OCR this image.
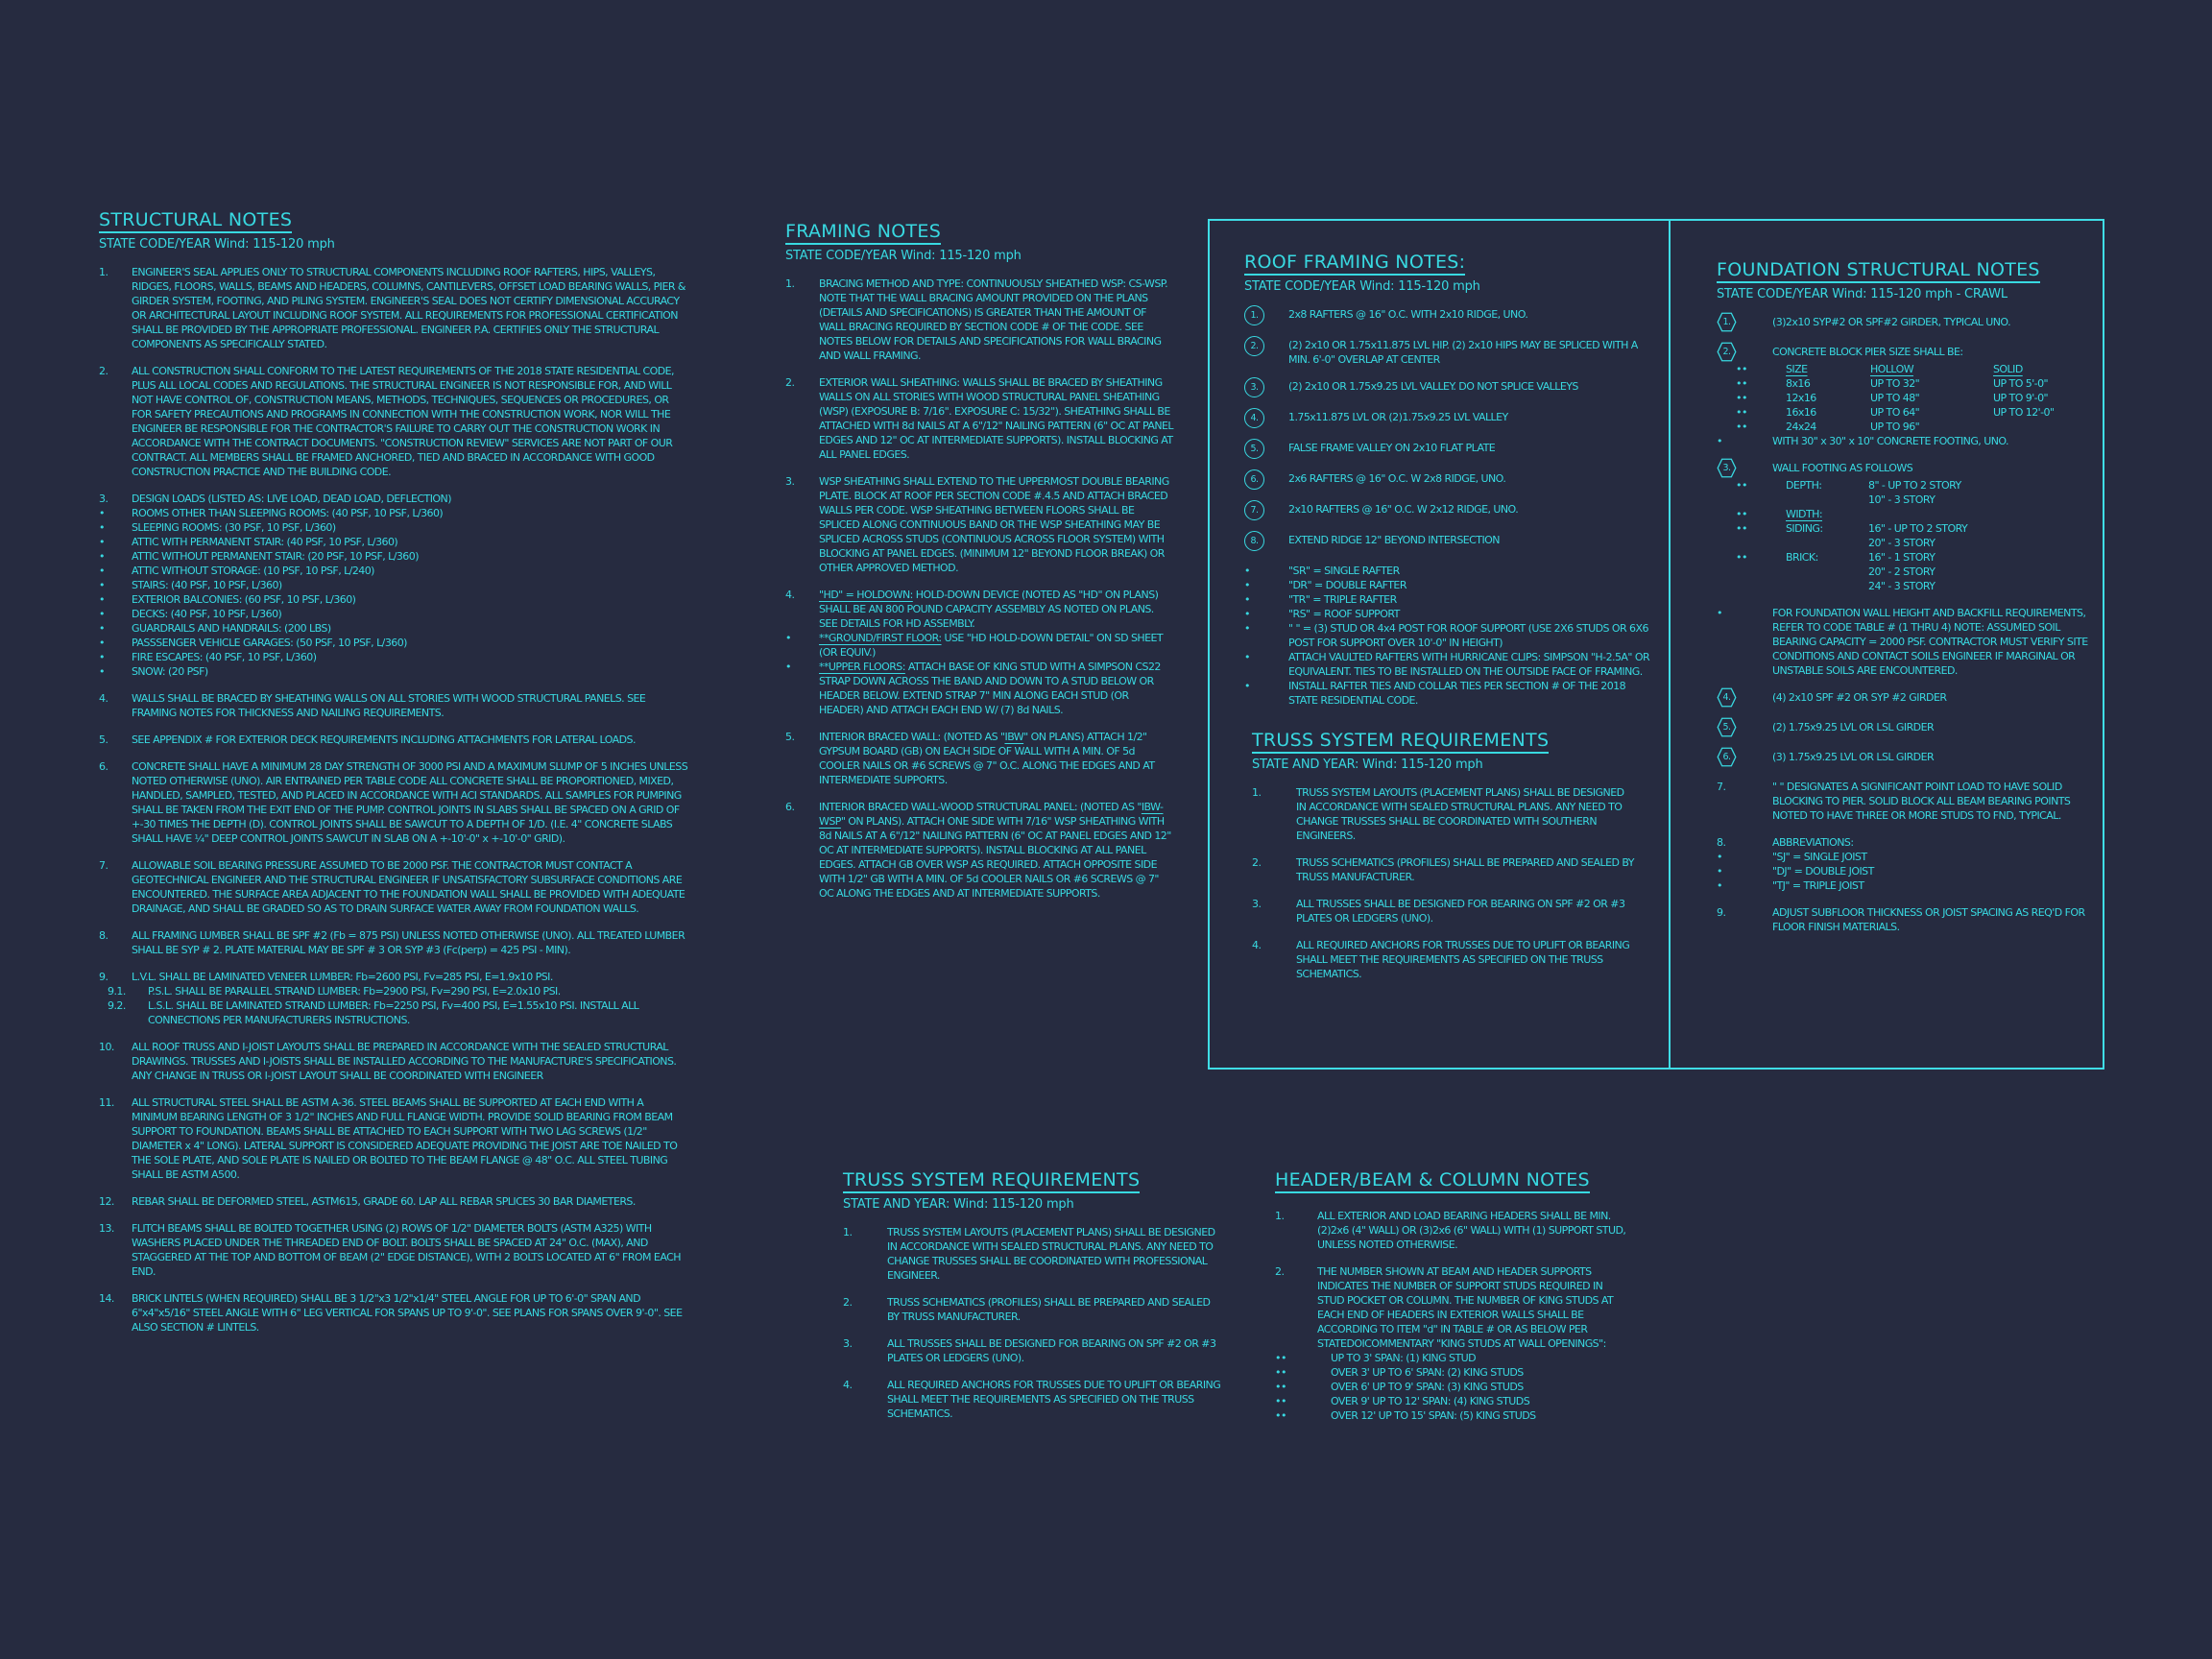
STRUCTURAL NOTES
STATE CODE/YEAR Wind: 115-120 mph
1.	ENGINEER'S SEAL APPLIES ONLY TO STRUCTURAL COMPONENTS INCLUDING ROOF RAFTERS, HIPS, VALLEYS, RIDGES, FLOORS, WALLS, BEAMS AND HEADERS, COLUMNS, CANTILEVERS, OFFSET LOAD BEARING WALLS, PIER & GIRDER SYSTEM, FOOTING, AND PILING SYSTEM. ENGINEER'S SEAL DOES NOT CERTIFY DIMENSIONAL ACCURACY OR ARCHITECTURAL LAYOUT INCLUDING ROOF SYSTEM. ALL REQUIREMENTS FOR PROFESSIONAL CERTIFICATION SHALL BE PROVIDED BY THE APPROPRIATE PROFESSIONAL. ENGINEER P.A. CERTIFIES ONLY THE STRUCTURAL COMPONENTS AS SPECIFICALLY STATED.
2.	ALL CONSTRUCTION SHALL CONFORM TO THE LATEST REQUIREMENTS OF THE 2018 STATE RESIDENTIAL CODE, PLUS ALL LOCAL CODES AND REGULATIONS. THE STRUCTURAL ENGINEER IS NOT RESPONSIBLE FOR, AND WILL NOT HAVE CONTROL OF, CONSTRUCTION MEANS, METHODS, TECHNIQUES, SEQUENCES OR PROCEDURES, OR FOR SAFETY PRECAUTIONS AND PROGRAMS IN CONNECTION WITH THE CONSTRUCTION WORK, NOR WILL THE ENGINEER BE RESPONSIBLE FOR THE CONTRACTOR'S FAILURE TO CARRY OUT THE CONSTRUCTION WORK IN ACCORDANCE WITH THE CONTRACT DOCUMENTS. "CONSTRUCTION REVIEW" SERVICES ARE NOT PART OF OUR CONTRACT. ALL MEMBERS SHALL BE FRAMED ANCHORED, TIED AND BRACED IN ACCORDANCE WITH GOOD CONSTRUCTION PRACTICE AND THE BUILDING CODE.
3.	DESIGN LOADS (LISTED AS: LIVE LOAD, DEAD LOAD, DEFLECTION)
•	ROOMS OTHER THAN SLEEPING ROOMS: (40 PSF, 10 PSF, L/360)
•	SLEEPING ROOMS: (30 PSF, 10 PSF, L/360)
•	ATTIC WITH PERMANENT STAIR: (40 PSF, 10 PSF, L/360)
•	ATTIC WITHOUT PERMANENT STAIR: (20 PSF, 10 PSF, L/360)
•	ATTIC WITHOUT STORAGE: (10 PSF, 10 PSF, L/240)
•	STAIRS: (40 PSF, 10 PSF, L/360)
•	EXTERIOR BALCONIES: (60 PSF, 10 PSF, L/360)
•	DECKS: (40 PSF, 10 PSF, L/360)
•	GUARDRAILS AND HANDRAILS: (200 LBS)
•	PASSSENGER VEHICLE GARAGES: (50 PSF, 10 PSF, L/360)
•	FIRE ESCAPES: (40 PSF, 10 PSF, L/360)
•	SNOW: (20 PSF)
4.	WALLS SHALL BE BRACED BY SHEATHING WALLS ON ALL STORIES WITH WOOD STRUCTURAL PANELS. SEE FRAMING NOTES FOR THICKNESS AND NAILING REQUIREMENTS.
5.	SEE APPENDIX # FOR EXTERIOR DECK REQUIREMENTS INCLUDING ATTACHMENTS FOR LATERAL LOADS.
6.	CONCRETE SHALL HAVE A MINIMUM 28 DAY STRENGTH OF 3000 PSI AND A MAXIMUM SLUMP OF 5 INCHES UNLESS NOTED OTHERWISE (UNO). AIR ENTRAINED PER TABLE CODE ALL CONCRETE SHALL BE PROPORTIONED, MIXED, HANDLED, SAMPLED, TESTED, AND PLACED IN ACCORDANCE WITH ACI STANDARDS. ALL SAMPLES FOR PUMPING SHALL BE TAKEN FROM THE EXIT END OF THE PUMP. CONTROL JOINTS IN SLABS SHALL BE SPACED ON A GRID OF +-30 TIMES THE DEPTH (D). CONTROL JOINTS SHALL BE SAWCUT TO A DEPTH OF 1/D. (I.E. 4" CONCRETE SLABS SHALL HAVE ¼" DEEP CONTROL JOINTS SAWCUT IN SLAB ON A +-10'-0" x +-10'-0" GRID).
7.	ALLOWABLE SOIL BEARING PRESSURE ASSUMED TO BE 2000 PSF. THE CONTRACTOR MUST CONTACT A GEOTECHNICAL ENGINEER AND THE STRUCTURAL ENGINEER IF UNSATISFACTORY SUBSURFACE CONDITIONS ARE ENCOUNTERED. THE SURFACE AREA ADJACENT TO THE FOUNDATION WALL SHALL BE PROVIDED WITH ADEQUATE DRAINAGE, AND SHALL BE GRADED SO AS TO DRAIN SURFACE WATER AWAY FROM FOUNDATION WALLS.
8.	ALL FRAMING LUMBER SHALL BE SPF #2 (Fb = 875 PSI) UNLESS NOTED OTHERWISE (UNO). ALL TREATED LUMBER SHALL BE SYP # 2. PLATE MATERIAL MAY BE SPF # 3 OR SYP #3 (Fc(perp) = 425 PSI - MIN).
9.	L.V.L. SHALL BE LAMINATED VENEER LUMBER: Fb=2600 PSI, Fv=285 PSI, E=1.9x10 PSI.
9.1.	P.S.L. SHALL BE PARALLEL STRAND LUMBER: Fb=2900 PSI, Fv=290 PSI, E=2.0x10 PSI.
9.2.	L.S.L. SHALL BE LAMINATED STRAND LUMBER: Fb=2250 PSI, Fv=400 PSI, E=1.55x10 PSI. INSTALL ALL CONNECTIONS PER MANUFACTURERS INSTRUCTIONS.
10.	ALL ROOF TRUSS AND I-JOIST LAYOUTS SHALL BE PREPARED IN ACCORDANCE WITH THE SEALED STRUCTURAL DRAWINGS. TRUSSES AND I-JOISTS SHALL BE INSTALLED ACCORDING TO THE MANUFACTURE'S SPECIFICATIONS. ANY CHANGE IN TRUSS OR I-JOIST LAYOUT SHALL BE COORDINATED WITH ENGINEER
11.	ALL STRUCTURAL STEEL SHALL BE ASTM A-36. STEEL BEAMS SHALL BE SUPPORTED AT EACH END WITH A MINIMUM BEARING LENGTH OF 3 1/2" INCHES AND FULL FLANGE WIDTH. PROVIDE SOLID BEARING FROM BEAM SUPPORT TO FOUNDATION. BEAMS SHALL BE ATTACHED TO EACH SUPPORT WITH TWO LAG SCREWS (1/2" DIAMETER x 4" LONG). LATERAL SUPPORT IS CONSIDERED ADEQUATE PROVIDING THE JOIST ARE TOE NAILED TO THE SOLE PLATE, AND SOLE PLATE IS NAILED OR BOLTED TO THE BEAM FLANGE @ 48" O.C. ALL STEEL TUBING SHALL BE ASTM A500.
12.	REBAR SHALL BE DEFORMED STEEL, ASTM615, GRADE 60. LAP ALL REBAR SPLICES 30 BAR DIAMETERS.
13.	FLITCH BEAMS SHALL BE BOLTED TOGETHER USING (2) ROWS OF 1/2" DIAMETER BOLTS (ASTM A325) WITH WASHERS PLACED UNDER THE THREADED END OF BOLT. BOLTS SHALL BE SPACED AT 24" O.C. (MAX), AND STAGGERED AT THE TOP AND BOTTOM OF BEAM (2" EDGE DISTANCE), WITH 2 BOLTS LOCATED AT 6" FROM EACH END.
14.	BRICK LINTELS (WHEN REQUIRED) SHALL BE 3 1/2"x3 1/2"x1/4" STEEL ANGLE FOR UP TO 6'-0" SPAN AND 6"x4"x5/16" STEEL ANGLE WITH 6" LEG VERTICAL FOR SPANS UP TO 9'-0". SEE PLANS FOR SPANS OVER 9'-0". SEE ALSO SECTION # LINTELS.
FRAMING NOTES
STATE CODE/YEAR Wind: 115-120 mph
1.	BRACING METHOD AND TYPE: CONTINUOUSLY SHEATHED WSP: CS-WSP. NOTE THAT THE WALL BRACING AMOUNT PROVIDED ON THE PLANS (DETAILS AND SPECIFICATIONS) IS GREATER THAN THE AMOUNT OF WALL BRACING REQUIRED BY SECTION CODE # OF THE CODE. SEE NOTES BELOW FOR DETAILS AND SPECIFICATIONS FOR WALL BRACING AND WALL FRAMING.
2.	EXTERIOR WALL SHEATHING: WALLS SHALL BE BRACED BY SHEATHING WALLS ON ALL STORIES WITH WOOD STRUCTURAL PANEL SHEATHING (WSP) (EXPOSURE B: 7/16". EXPOSURE C: 15/32"). SHEATHING SHALL BE ATTACHED WITH 8d NAILS AT A 6"/12" NAILING PATTERN (6" OC AT PANEL EDGES AND 12" OC AT INTERMEDIATE SUPPORTS). INSTALL BLOCKING AT ALL PANEL EDGES.
3.	WSP SHEATHING SHALL EXTEND TO THE UPPERMOST DOUBLE BEARING PLATE. BLOCK AT ROOF PER SECTION CODE #.4.5 AND ATTACH BRACED WALLS PER CODE. WSP SHEATHING BETWEEN FLOORS SHALL BE SPLICED ALONG CONTINUOUS BAND OR THE WSP SHEATHING MAY BE SPLICED ACROSS STUDS (CONTINUOUS ACROSS FLOOR SYSTEM) WITH BLOCKING AT PANEL EDGES. (MINIMUM 12" BEYOND FLOOR BREAK) OR OTHER APPROVED METHOD.
4.	"HD" = HOLDOWN: HOLD-DOWN DEVICE (NOTED AS "HD" ON PLANS) SHALL BE AN 800 POUND CAPACITY ASSEMBLY AS NOTED ON PLANS. SEE DETAILS FOR HD ASSEMBLY.
•	**GROUND/FIRST FLOOR: USE "HD HOLD-DOWN DETAIL" ON SD SHEET (OR EQUIV.)
•	**UPPER FLOORS: ATTACH BASE OF KING STUD WITH A SIMPSON CS22 STRAP DOWN ACROSS THE BAND AND DOWN TO A STUD BELOW OR HEADER BELOW. EXTEND STRAP 7" MIN ALONG EACH STUD (OR HEADER) AND ATTACH EACH END W/ (7) 8d NAILS.
5.	INTERIOR BRACED WALL: (NOTED AS "IBW" ON PLANS) ATTACH 1/2" GYPSUM BOARD (GB) ON EACH SIDE OF WALL WITH A MIN. OF 5d COOLER NAILS OR #6 SCREWS @ 7" O.C. ALONG THE EDGES AND AT INTERMEDIATE SUPPORTS.
6.	INTERIOR BRACED WALL-WOOD STRUCTURAL PANEL: (NOTED AS "IBW-WSP" ON PLANS). ATTACH ONE SIDE WITH 7/16" WSP SHEATHING WITH 8d NAILS AT A 6"/12" NAILING PATTERN (6" OC AT PANEL EDGES AND 12" OC AT INTERMEDIATE SUPPORTS). INSTALL BLOCKING AT ALL PANEL EDGES. ATTACH GB OVER WSP AS REQUIRED. ATTACH OPPOSITE SIDE WITH 1/2" GB WITH A MIN. OF 5d COOLER NAILS OR #6 SCREWS @ 7" OC ALONG THE EDGES AND AT INTERMEDIATE SUPPORTS.
ROOF FRAMING NOTES:
STATE CODE/YEAR Wind: 115-120 mph
1.	2x8 RAFTERS @ 16" O.C. WITH 2x10 RIDGE, UNO.
2.	(2) 2x10 OR 1.75x11.875 LVL HIP. (2) 2x10 HIPS MAY BE SPLICED WITH A MIN. 6'-0" OVERLAP AT CENTER
3.	(2) 2x10 OR 1.75x9.25 LVL VALLEY. DO NOT SPLICE VALLEYS
4.	1.75x11.875 LVL OR (2)1.75x9.25 LVL VALLEY
5.	FALSE FRAME VALLEY ON 2x10 FLAT PLATE
6.	2x6 RAFTERS @ 16" O.C. W 2x8 RIDGE, UNO.
7.	2x10 RAFTERS @ 16" O.C. W 2x12 RIDGE, UNO.
8.	EXTEND RIDGE 12" BEYOND INTERSECTION
•	"SR" = SINGLE RAFTER
•	"DR" = DOUBLE RAFTER
•	"TR" = TRIPLE RAFTER
•	"RS" = ROOF SUPPORT
•	" " = (3) STUD OR 4x4 POST FOR ROOF SUPPORT (USE 2X6 STUDS OR 6X6 POST FOR SUPPORT OVER 10'-0" IN HEIGHT)
•	ATTACH VAULTED RAFTERS WITH HURRICANE CLIPS: SIMPSON "H-2.5A" OR EQUIVALENT. TIES TO BE INSTALLED ON THE OUTSIDE FACE OF FRAMING.
•	INSTALL RAFTER TIES AND COLLAR TIES PER SECTION # OF THE 2018 STATE RESIDENTIAL CODE.
TRUSS SYSTEM REQUIREMENTS
STATE AND YEAR: Wind: 115-120 mph
1.	TRUSS SYSTEM LAYOUTS (PLACEMENT PLANS) SHALL BE DESIGNED IN ACCORDANCE WITH SEALED STRUCTURAL PLANS. ANY NEED TO CHANGE TRUSSES SHALL BE COORDINATED WITH SOUTHERN ENGINEERS.
2.	TRUSS SCHEMATICS (PROFILES) SHALL BE PREPARED AND SEALED BY TRUSS MANUFACTURER.
3.	ALL TRUSSES SHALL BE DESIGNED FOR BEARING ON SPF #2 OR #3 PLATES OR LEDGERS (UNO).
4.	ALL REQUIRED ANCHORS FOR TRUSSES DUE TO UPLIFT OR BEARING SHALL MEET THE REQUIREMENTS AS SPECIFIED ON THE TRUSS SCHEMATICS.
FOUNDATION STRUCTURAL NOTES
STATE CODE/YEAR Wind: 115-120 mph - CRAWL
1.	(3)2x10 SYP#2 OR SPF#2 GIRDER, TYPICAL UNO.
2.	CONCRETE BLOCK PIER SIZE SHALL BE:
••	SIZE	HOLLOW	SOLID
••	8x16	UP TO 32"	UP TO 5'-0"
••	12x16	UP TO 48"	UP TO 9'-0"
••	16x16	UP TO 64"	UP TO 12'-0"
••	24x24	UP TO 96"
•	WITH 30" x 30" x 10" CONCRETE FOOTING, UNO.
3.	WALL FOOTING AS FOLLOWS
••	DEPTH:	8" - UP TO 2 STORY
10" - 3 STORY
••	WIDTH:
••	SIDING:	16" - UP TO 2 STORY
20" - 3 STORY
••	BRICK:	16" - 1 STORY
20" - 2 STORY
24" - 3 STORY
•	FOR FOUNDATION WALL HEIGHT AND BACKFILL REQUIREMENTS, REFER TO CODE TABLE # (1 THRU 4) NOTE: ASSUMED SOIL BEARING CAPACITY = 2000 PSF. CONTRACTOR MUST VERIFY SITE CONDITIONS AND CONTACT SOILS ENGINEER IF MARGINAL OR UNSTABLE SOILS ARE ENCOUNTERED.
4.	(4) 2x10 SPF #2 OR SYP #2 GIRDER
5.	(2) 1.75x9.25 LVL OR LSL GIRDER
6.	(3) 1.75x9.25 LVL OR LSL GIRDER
7.	" " DESIGNATES A SIGNIFICANT POINT LOAD TO HAVE SOLID BLOCKING TO PIER. SOLID BLOCK ALL BEAM BEARING POINTS NOTED TO HAVE THREE OR MORE STUDS TO FND, TYPICAL.
8.	ABBREVIATIONS:
•	"SJ" = SINGLE JOIST
•	"DJ" = DOUBLE JOIST
•	"TJ" = TRIPLE JOIST
9.	ADJUST SUBFLOOR THICKNESS OR JOIST SPACING AS REQ'D FOR FLOOR FINISH MATERIALS.
TRUSS SYSTEM REQUIREMENTS
STATE AND YEAR: Wind: 115-120 mph
1.	TRUSS SYSTEM LAYOUTS (PLACEMENT PLANS) SHALL BE DESIGNED IN ACCORDANCE WITH SEALED STRUCTURAL PLANS. ANY NEED TO CHANGE TRUSSES SHALL BE COORDINATED WITH PROFESSIONAL ENGINEER.
2.	TRUSS SCHEMATICS (PROFILES) SHALL BE PREPARED AND SEALED BY TRUSS MANUFACTURER.
3.	ALL TRUSSES SHALL BE DESIGNED FOR BEARING ON SPF #2 OR #3 PLATES OR LEDGERS (UNO).
4.	ALL REQUIRED ANCHORS FOR TRUSSES DUE TO UPLIFT OR BEARING SHALL MEET THE REQUIREMENTS AS SPECIFIED ON THE TRUSS SCHEMATICS.
HEADER/BEAM & COLUMN NOTES
1.	ALL EXTERIOR AND LOAD BEARING HEADERS SHALL BE MIN. (2)2x6 (4" WALL) OR (3)2x6 (6" WALL) WITH (1) SUPPORT STUD, UNLESS NOTED OTHERWISE.
2.	THE NUMBER SHOWN AT BEAM AND HEADER SUPPORTS INDICATES THE NUMBER OF SUPPORT STUDS REQUIRED IN STUD POCKET OR COLUMN. THE NUMBER OF KING STUDS AT EACH END OF HEADERS IN EXTERIOR WALLS SHALL BE ACCORDING TO ITEM "d" IN TABLE # OR AS BELOW PER STATEDOICOMMENTARY "KING STUDS AT WALL OPENINGS":
••	UP TO 3' SPAN: (1) KING STUD
••	OVER 3' UP TO 6' SPAN: (2) KING STUDS
••	OVER 6' UP TO 9' SPAN: (3) KING STUDS
••	OVER 9' UP TO 12' SPAN: (4) KING STUDS
••	OVER 12' UP TO 15' SPAN: (5) KING STUDS
